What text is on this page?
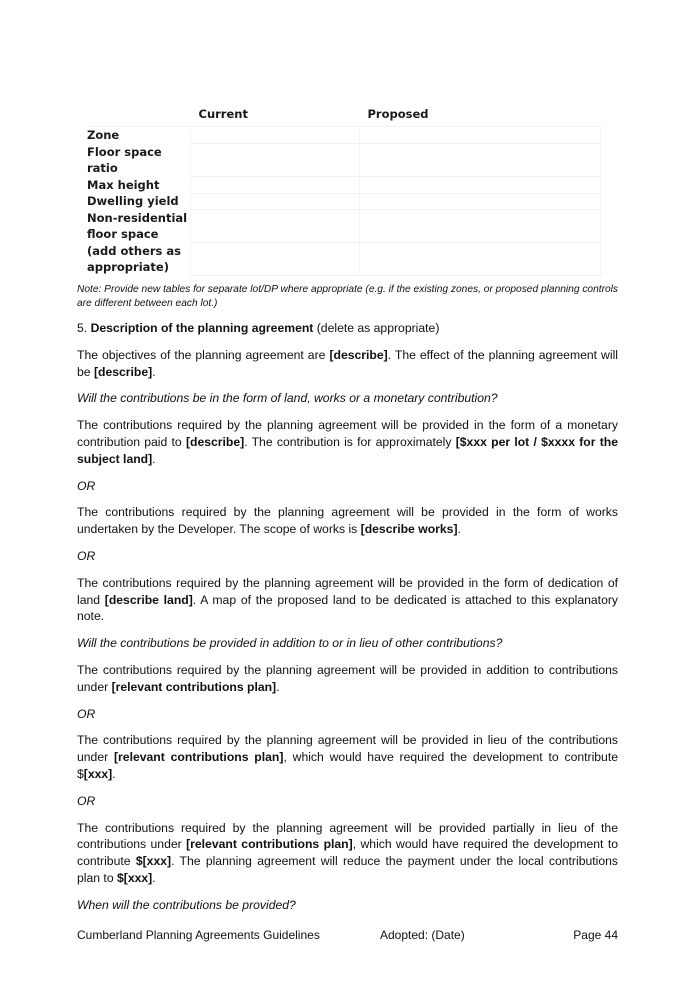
	Current	Proposed
Zone		
Floor space ratio		
Max height		
Dwelling yield		
Non-residential floor space		
(add others as appropriate)		

Note: Provide new tables for separate lot/DP where appropriate (e.g. if the existing zones, or proposed planning controls are different between each lot.)

5. Description of the planning agreement (delete as appropriate)

The objectives of the planning agreement are [describe]. The effect of the planning agreement will be [describe].

Will the contributions be in the form of land, works or a monetary contribution?

The contributions required by the planning agreement will be provided in the form of a monetary contribution paid to [describe]. The contribution is for approximately [$xxx per lot / $xxxx for the subject land].

OR

The contributions required by the planning agreement will be provided in the form of works undertaken by the Developer. The scope of works is [describe works].

OR

The contributions required by the planning agreement will be provided in the form of dedication of land [describe land]. A map of the proposed land to be dedicated is attached to this explanatory note.

Will the contributions be provided in addition to or in lieu of other contributions?

The contributions required by the planning agreement will be provided in addition to contributions under [relevant contributions plan].

OR

The contributions required by the planning agreement will be provided in lieu of the contributions under [relevant contributions plan], which would have required the development to contribute $[xxx].

OR

The contributions required by the planning agreement will be provided partially in lieu of the contributions under [relevant contributions plan], which would have required the development to contribute $[xxx]. The planning agreement will reduce the payment under the local contributions plan to $[xxx].

When will the contributions be provided?

Cumberland Planning Agreements Guidelines	Adopted: (Date)	Page 44
